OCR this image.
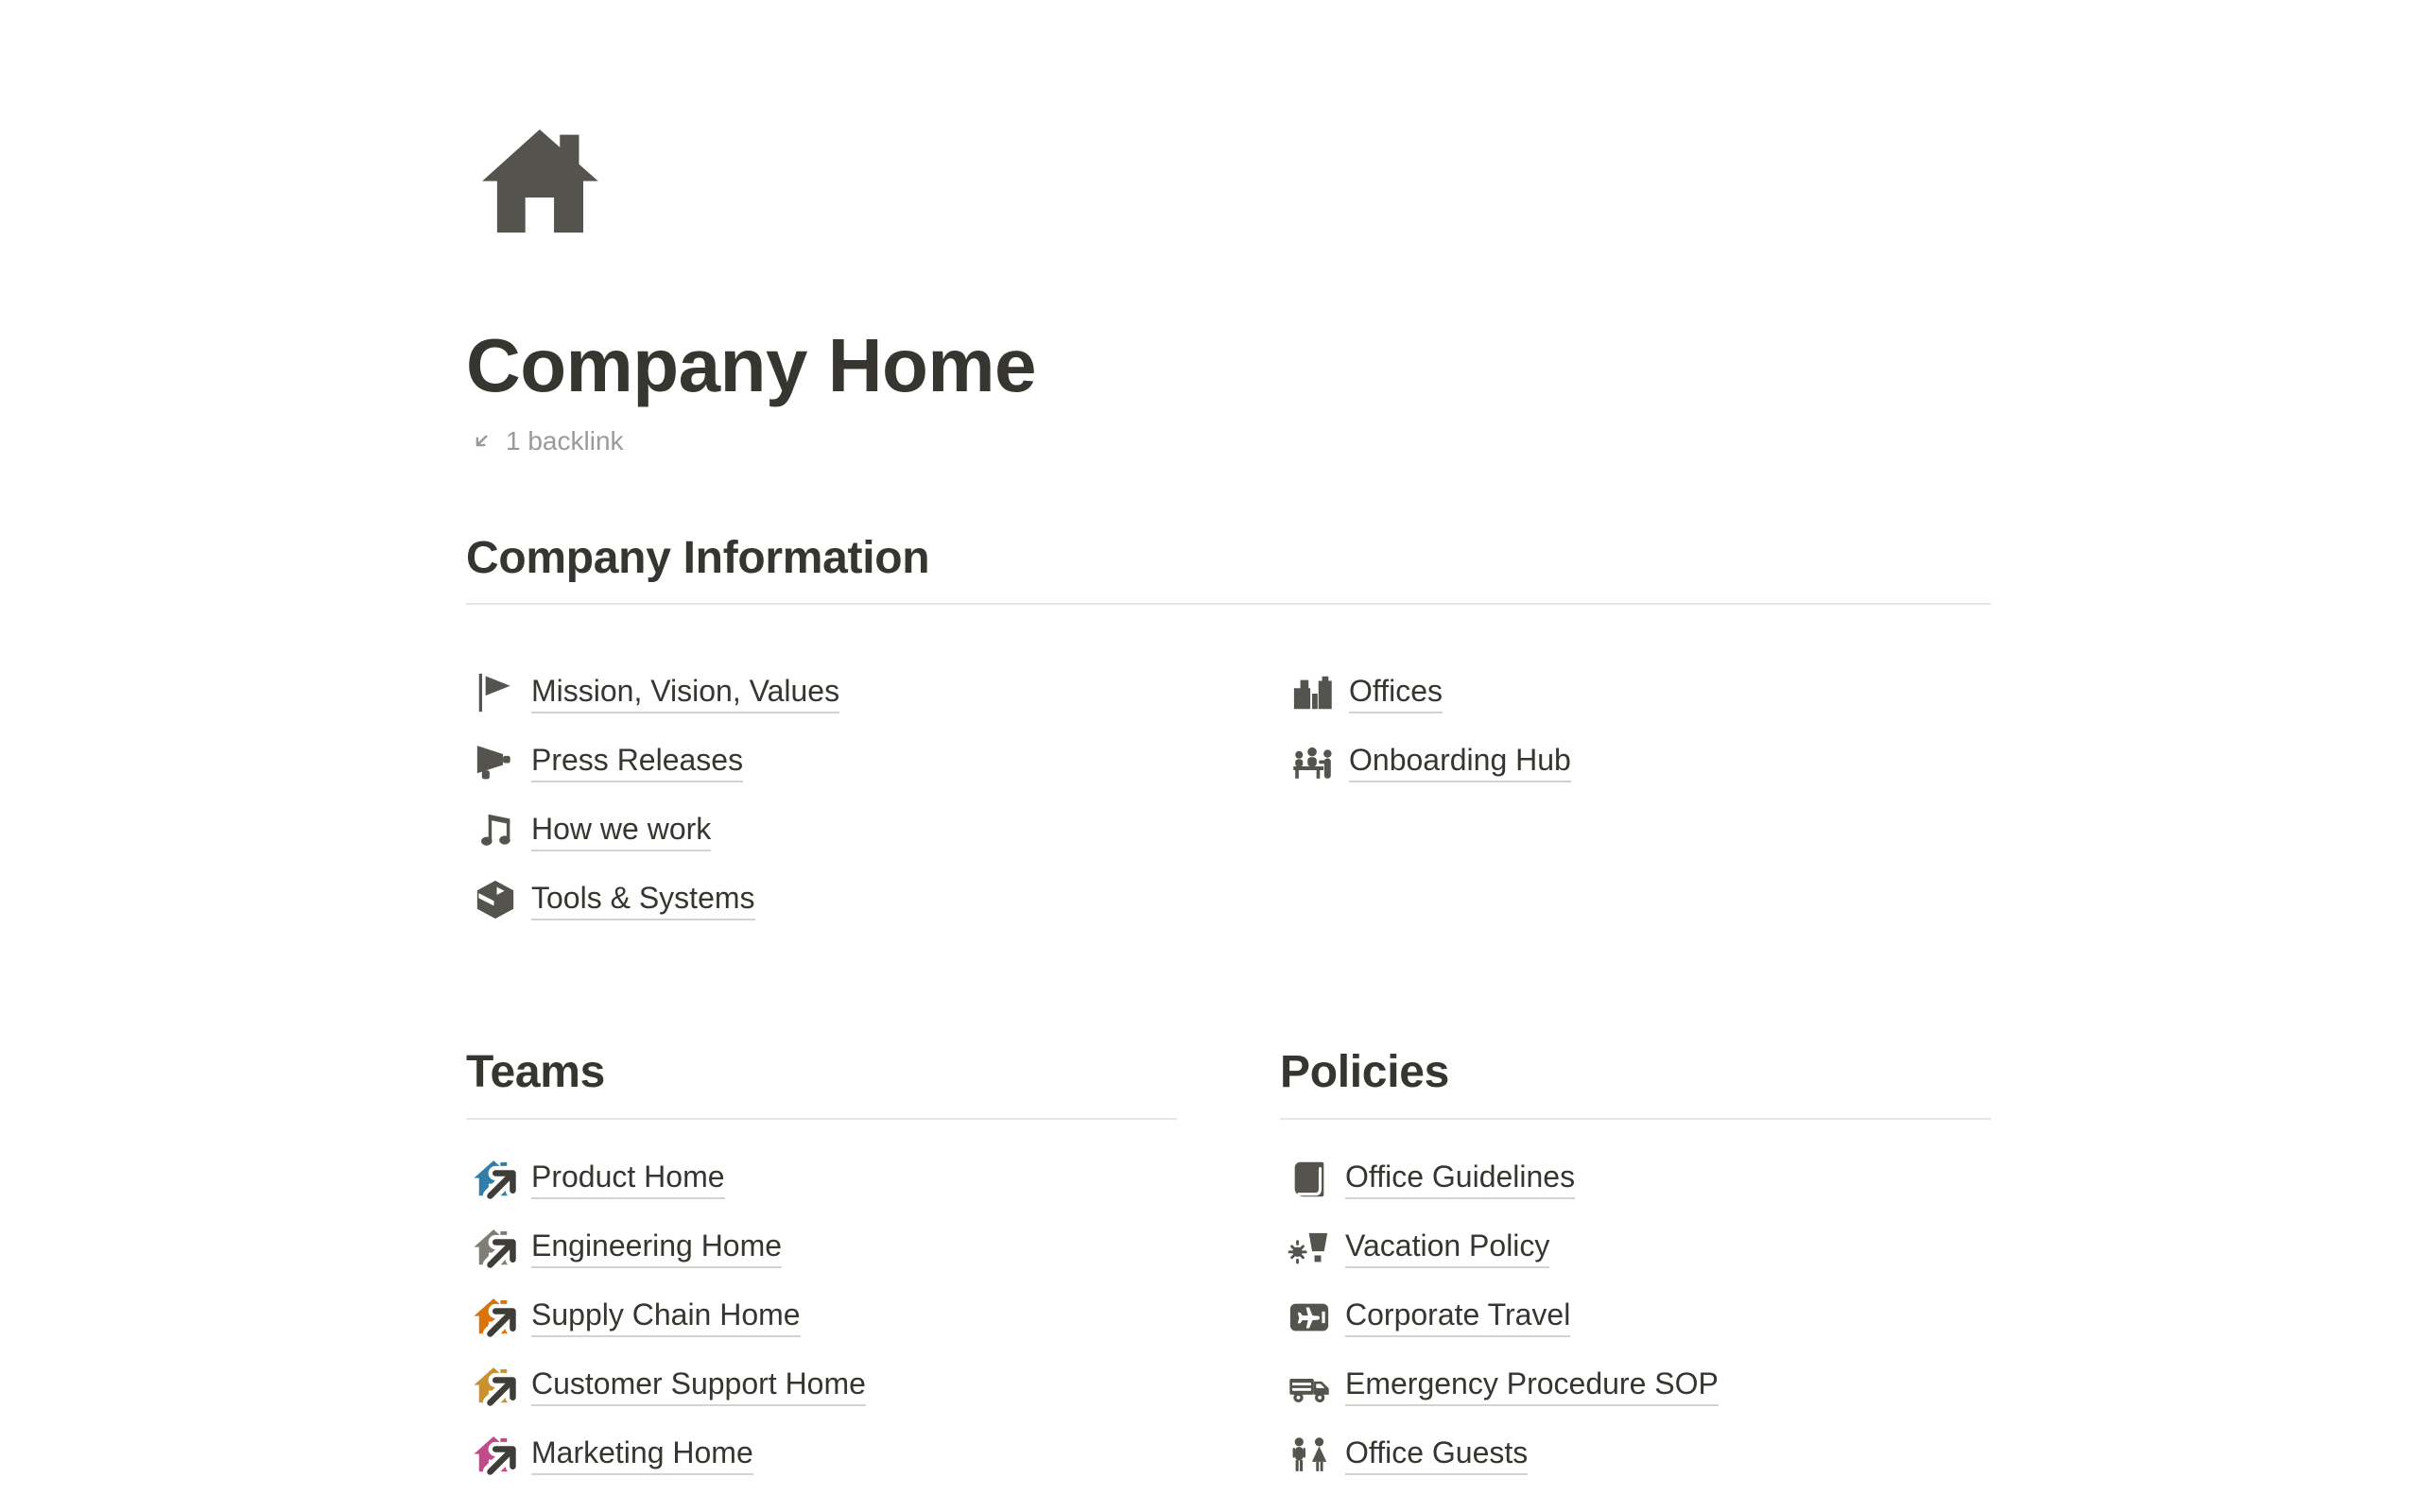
Company Home
1 backlink
Company Information
Mission, Vision, Values
Press Releases
How we work
Tools & Systems
Offices
Onboarding Hub
Teams
Product Home
Engineering Home
Supply Chain Home
Customer Support Home
Marketing Home
Policies
Office Guidelines
Vacation Policy
Corporate Travel
Emergency Procedure SOP
Office Guests
